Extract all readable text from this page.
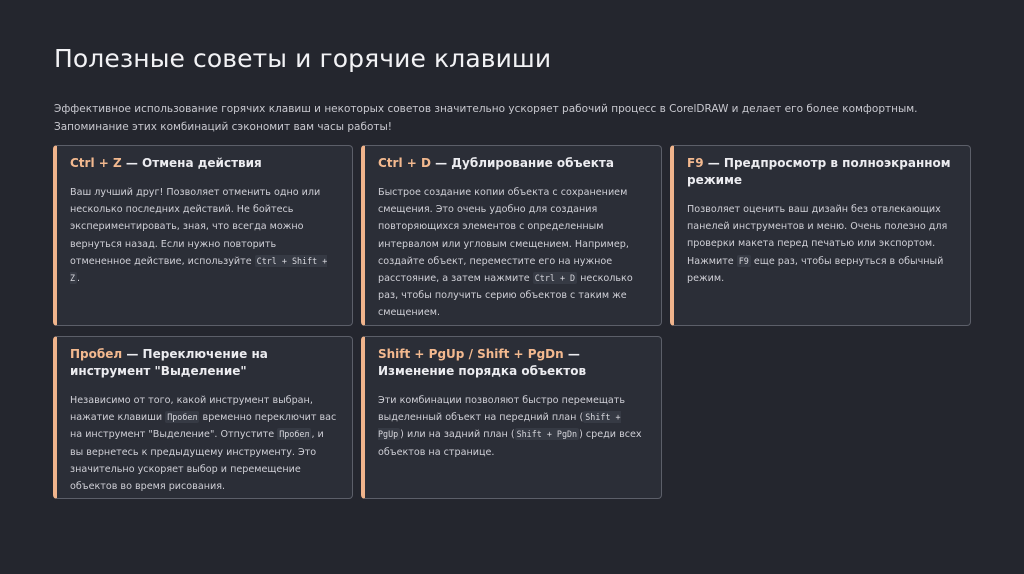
Полезные советы и горячие клавиши

Эффективное использование горячих клавиш и некоторых советов значительно ускоряет рабочий процесс в CorelDRAW и делает его более комфортным. Запоминание этих комбинаций сэкономит вам часы работы!

Ctrl + Z — Отмена действия

Ваш лучший друг! Позволяет отменить одно или несколько последних действий. Не бойтесь экспериментировать, зная, что всегда можно вернуться назад. Если нужно повторить отмененное действие, используйте Ctrl + Shift + Z .

Ctrl + D — Дублирование объекта

Быстрое создание копии объекта с сохранением смещения. Это очень удобно для создания повторяющихся элементов с определенным интервалом или угловым смещением. Например, создайте объект, переместите его на нужное расстояние, а затем нажмите Ctrl + D несколько раз, чтобы получить серию объектов с таким же смещением.

F9 — Предпросмотр в полноэкранном режиме

Позволяет оценить ваш дизайн без отвлекающих панелей инструментов и меню. Очень полезно для проверки макета перед печатью или экспортом. Нажмите F9 еще раз, чтобы вернуться в обычный режим.

Пробел — Переключение на инструмент "Выделение"

Независимо от того, какой инструмент выбран, нажатие клавиши Пробел временно переключит вас на инструмент "Выделение". Отпустите Пробел , и вы вернетесь к предыдущему инструменту. Это значительно ускоряет выбор и перемещение объектов во время рисования.

Shift + PgUp / Shift + PgDn — Изменение порядка объектов

Эти комбинации позволяют быстро перемещать выделенный объект на передний план ( Shift + PgUp ) или на задний план ( Shift + PgDn ) среди всех объектов на странице.
